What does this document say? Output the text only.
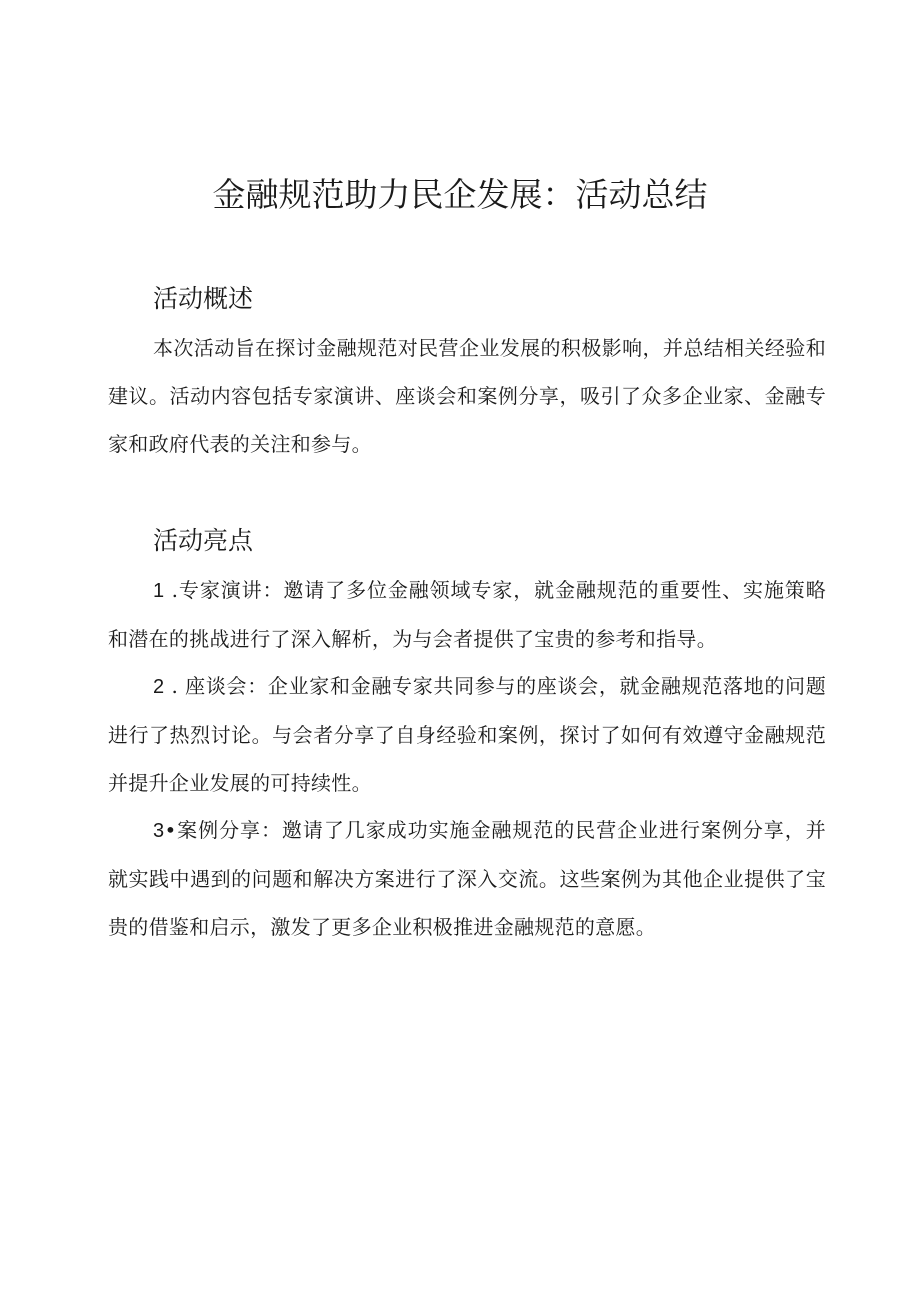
金融规范助力民企发展：活动总结
活动概述

本次活动旨在探讨金融规范对民营企业发展的积极影响，并总结相关经验和建议。活动内容包括专家演讲、座谈会和案例分享，吸引了众多企业家、金融专家和政府代表的关注和参与。

活动亮点

1 .专家演讲：邀请了多位金融领域专家，就金融规范的重要性、实施策略和潜在的挑战进行了深入解析，为与会者提供了宝贵的参考和指导。

2 . 座谈会：企业家和金融专家共同参与的座谈会，就金融规范落地的问题进行了热烈讨论。与会者分享了自身经验和案例，探讨了如何有效遵守金融规范并提升企业发展的可持续性。

3•案例分享：邀请了几家成功实施金融规范的民营企业进行案例分享，并就实践中遇到的问题和解决方案进行了深入交流。这些案例为其他企业提供了宝贵的借鉴和启示，激发了更多企业积极推进金融规范的意愿。
